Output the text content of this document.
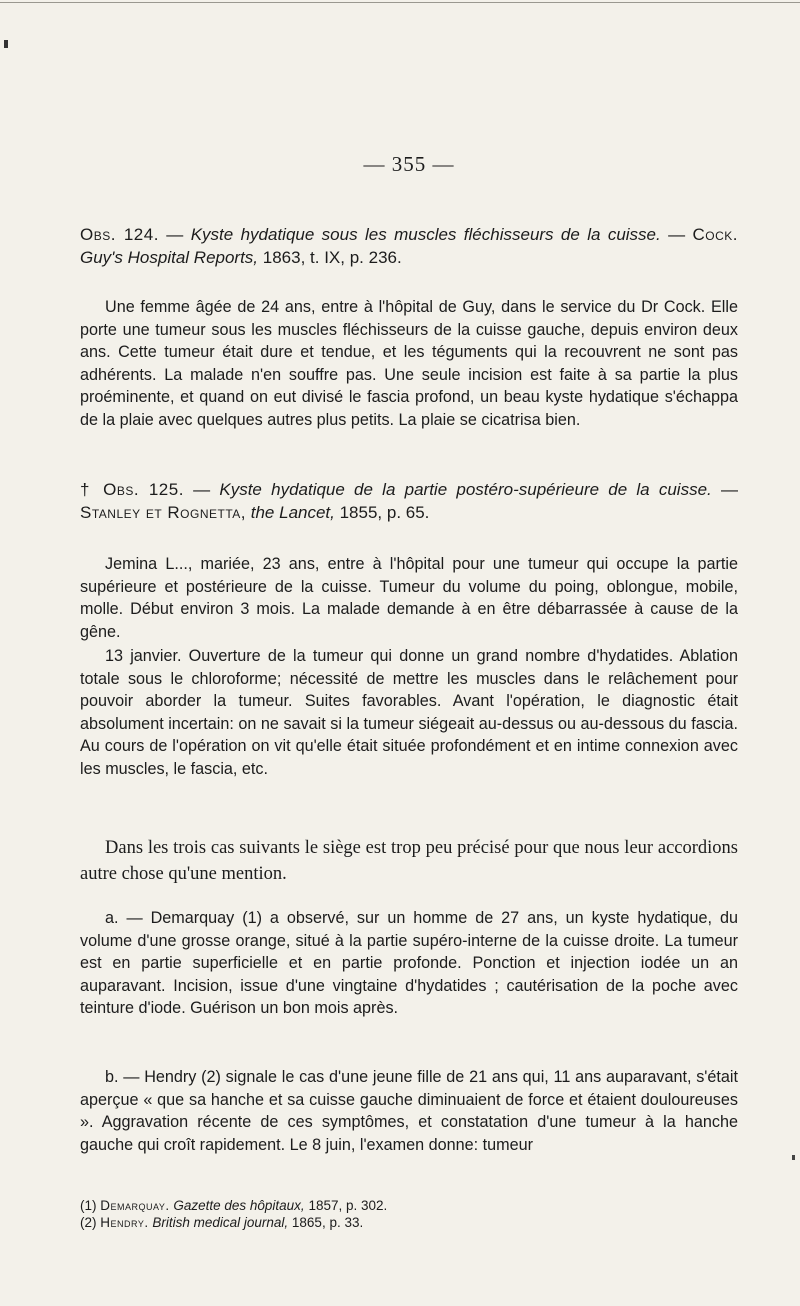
— 355 —
Obs. 124. — Kyste hydatique sous les muscles fléchisseurs de la cuisse. — Cock. Guy's Hospital Reports, 1863, t. IX, p. 236.
Une femme âgée de 24 ans, entre à l'hôpital de Guy, dans le service du Dr Cock. Elle porte une tumeur sous les muscles fléchisseurs de la cuisse gauche, depuis environ deux ans. Cette tumeur était dure et tendue, et les téguments qui la recouvrent ne sont pas adhérents. La malade n'en souffre pas. Une seule incision est faite à sa partie la plus proéminente, et quand on eut divisé le fascia profond, un beau kyste hydatique s'échappa de la plaie avec quelques autres plus petits. La plaie se cicatrisa bien.
† Obs. 125. — Kyste hydatique de la partie postéro-supérieure de la cuisse. — Stanley et Rognetta, the Lancet, 1855, p. 65.
Jemina L..., mariée, 23 ans, entre à l'hôpital pour une tumeur qui occupe la partie supérieure et postérieure de la cuisse. Tumeur du volume du poing, oblongue, mobile, molle. Début environ 3 mois. La malade demande à en être débarrassée à cause de la gêne.
13 janvier. Ouverture de la tumeur qui donne un grand nombre d'hydatides. Ablation totale sous le chloroforme; nécessité de mettre les muscles dans le relâchement pour pouvoir aborder la tumeur. Suites favorables. Avant l'opération, le diagnostic était absolument incertain: on ne savait si la tumeur siégeait au-dessus ou au-dessous du fascia. Au cours de l'opération on vit qu'elle était située profondément et en intime connexion avec les muscles, le fascia, etc.
Dans les trois cas suivants le siège est trop peu précisé pour que nous leur accordions autre chose qu'une mention.
a. — Demarquay (1) a observé, sur un homme de 27 ans, un kyste hydatique, du volume d'une grosse orange, situé à la partie supéro-interne de la cuisse droite. La tumeur est en partie superficielle et en partie profonde. Ponction et injection iodée un an auparavant. Incision, issue d'une vingtaine d'hydatides ; cautérisation de la poche avec teinture d'iode. Guérison un bon mois après.
b. — Hendry (2) signale le cas d'une jeune fille de 21 ans qui, 11 ans auparavant, s'était aperçue « que sa hanche et sa cuisse gauche diminuaient de force et étaient douloureuses ». Aggravation récente de ces symptômes, et constatation d'une tumeur à la hanche gauche qui croît rapidement. Le 8 juin, l'examen donne: tumeur
(1) Demarquay. Gazette des hôpitaux, 1857, p. 302.
(2) Hendry. British medical journal, 1865, p. 33.
